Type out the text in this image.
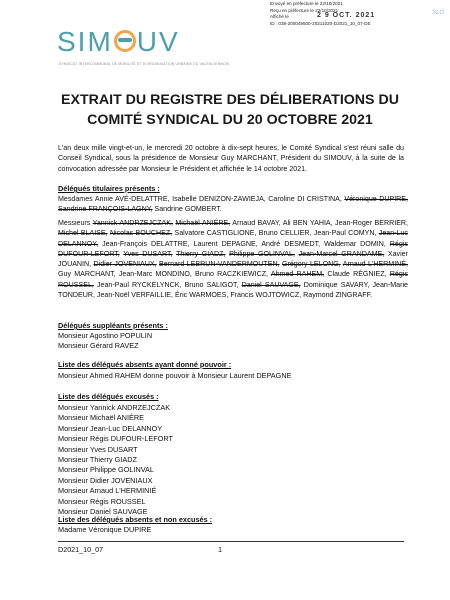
Envoyé en préfecture le 22/10/2021
Reçu en préfecture le 22/10/2021
Affiché le
ID : 038-200049500-20211020-D2021_10_07-DE
2 9 OCT. 2021	SLO
SIM UV
SYNDICAT INTERCOMMUNAL DE MOBILITÉ ET D'ORGANISATION URBAINE DU VALENCIENNOIS
EXTRAIT DU REGISTRE DES DÉLIBERATIONS DU
COMITÉ SYNDICAL DU 20 OCTOBRE 2021
L'an deux mille vingt-et-un, le mercredi 20 octobre à dix-sept heures, le Comité Syndical s'est réuni salle du Conseil Syndical, sous la présidence de Monsieur Guy MARCHANT, Président du SIMOUV, à la suite de la convocation adressée par Monsieur le Président et affichée le 14 octobre 2021.
Délégués titulaires présents :
Mesdames Annie AVÉ-DELATTRE, Isabelle DENIZON-ZAWIEJA, Caroline DI CRISTINA, Véronique DUPIRE, Sandrine FRANÇOIS-LAGNY, Sandrine GOMBERT.
Messieurs Yannick ANDRZEJCZAK, Michaël ANIÉRE, Arnaud BAVAY, Ali BEN YAHIA, Jean-Roger BERRIER, Michel BLAISE, Nicolas BOUCHEZ, Salvatore CASTIGLIONE, Bruno CELLIER, Jean-Paul COMYN, Jean-Luc DELANNOY, Jean-François DELATTRE, Laurent DEPAGNE, André DESMEDT, Waldemar DOMIN, Régis DUFOUR-LEFORT, Yves DUSART, Thierry GIADZ, Philippe GOLINVAL, Jean-Marcel GRANDAME, Xavier JOUANIN, Didier JOVENIAUX, Bernard LEBRUN-VANDERMOUTEN, Grégory LELONG, Arnaud L'HERMINÉ, Guy MARCHANT, Jean-Marc MONDINO, Bruno RACZKIEWICZ, Ahmed RAHEM, Claude RÉGNIEZ, Régis ROUSSEL, Jean-Paul RYCKELYNCK, Bruno SALIGOT, Daniel SAUVAGE, Dominique SAVARY, Jean-Marie TONDEUR, Jean-Noël VERFAILLIE, Éric WARMOES, Francis WOJTOWICZ, Raymond ZINGRAFF.
Délégués suppléants présents :
Monsieur Agostino POPULIN
Monsieur Gérard RAVEZ
Liste des délégués absents ayant donné pouvoir :
Monsieur Ahmed RAHEM donne pouvoir à Monsieur Laurent DEPAGNE
Liste des délégués excusés :
Monsieur Yannick ANDRZEJCZAK
Monsieur Michaël ANIÉRE
Monsieur Jean-Luc DELANNOY
Monsieur Régis DUFOUR-LEFORT
Monsieur Yves DUSART
Monsieur Thierry GIADZ
Monsieur Philippe GOLINVAL
Monsieur Didier JOVENIAUX
Monsieur Arnaud L'HERMINIÉ
Monsieur Régis ROUSSEL
Monsieur Daniel SAUVAGE
Liste des délégués absents et non excusés :
Madame Véronique DUPIRE
D2021_10_07	1
